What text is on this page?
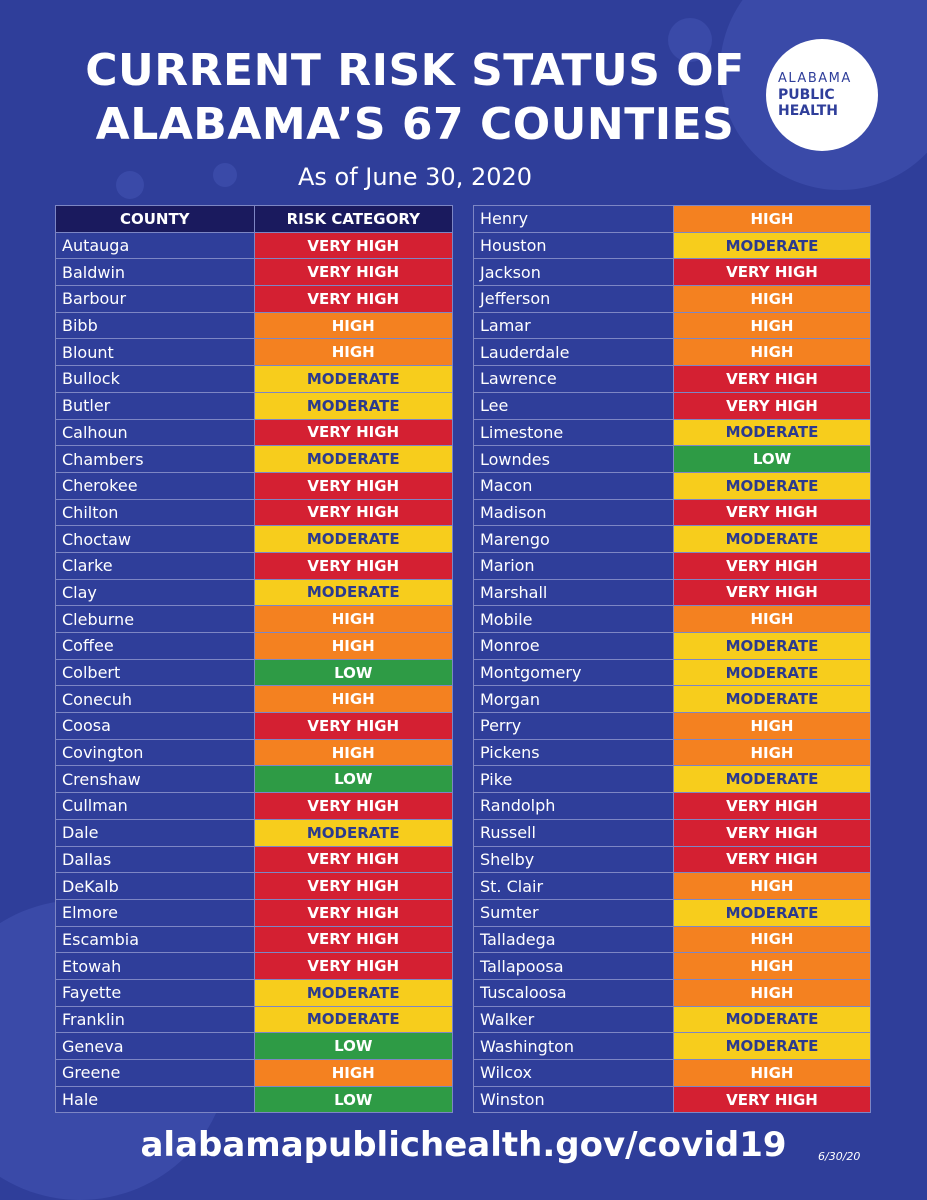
CURRENT RISK STATUS OF
ALABAMA’S 67 COUNTIES
As of June 30, 2020
ALABAMA
PUBLIC
HEALTH
COUNTY	RISK CATEGORY
Autauga	VERY HIGH
Baldwin	VERY HIGH
Barbour	VERY HIGH
Bibb	HIGH
Blount	HIGH
Bullock	MODERATE
Butler	MODERATE
Calhoun	VERY HIGH
Chambers	MODERATE
Cherokee	VERY HIGH
Chilton	VERY HIGH
Choctaw	MODERATE
Clarke	VERY HIGH
Clay	MODERATE
Cleburne	HIGH
Coffee	HIGH
Colbert	LOW
Conecuh	HIGH
Coosa	VERY HIGH
Covington	HIGH
Crenshaw	LOW
Cullman	VERY HIGH
Dale	MODERATE
Dallas	VERY HIGH
DeKalb	VERY HIGH
Elmore	VERY HIGH
Escambia	VERY HIGH
Etowah	VERY HIGH
Fayette	MODERATE
Franklin	MODERATE
Geneva	LOW
Greene	HIGH
Hale	LOW
Henry	HIGH
Houston	MODERATE
Jackson	VERY HIGH
Jefferson	HIGH
Lamar	HIGH
Lauderdale	HIGH
Lawrence	VERY HIGH
Lee	VERY HIGH
Limestone	MODERATE
Lowndes	LOW
Macon	MODERATE
Madison	VERY HIGH
Marengo	MODERATE
Marion	VERY HIGH
Marshall	VERY HIGH
Mobile	HIGH
Monroe	MODERATE
Montgomery	MODERATE
Morgan	MODERATE
Perry	HIGH
Pickens	HIGH
Pike	MODERATE
Randolph	VERY HIGH
Russell	VERY HIGH
Shelby	VERY HIGH
St. Clair	HIGH
Sumter	MODERATE
Talladega	HIGH
Tallapoosa	HIGH
Tuscaloosa	HIGH
Walker	MODERATE
Washington	MODERATE
Wilcox	HIGH
Winston	VERY HIGH
alabamapublichealth.gov/covid19	6/30/20
